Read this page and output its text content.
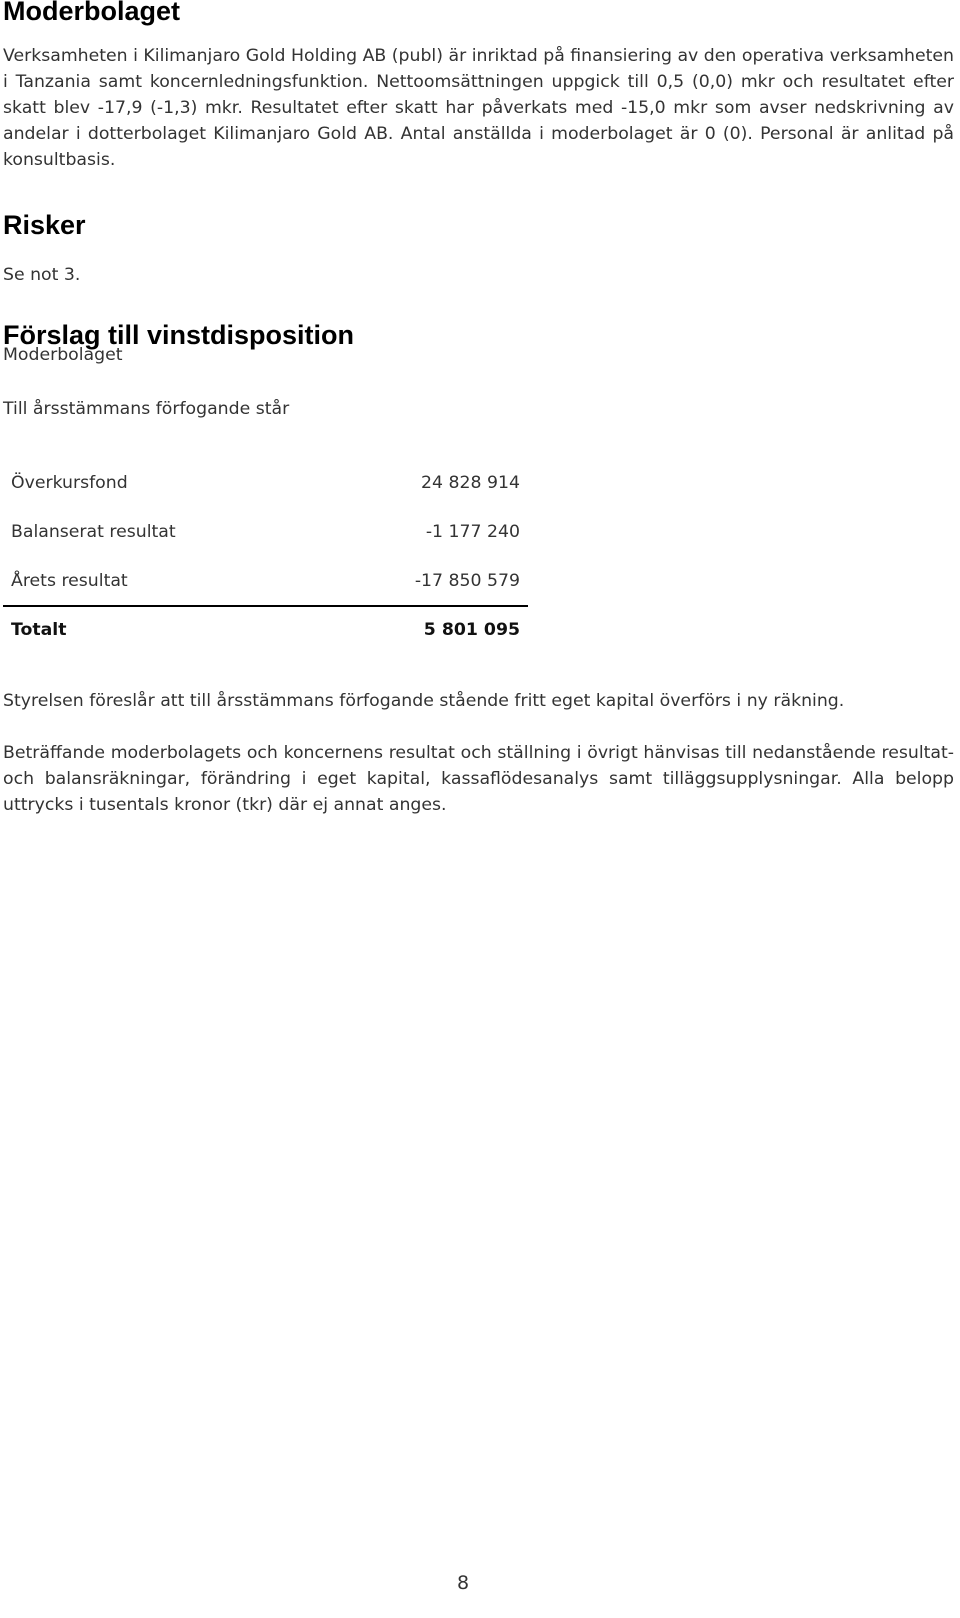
Moderbolaget

Verksamheten i Kilimanjaro Gold Holding AB (publ) är inriktad på finansiering av den operativa verksamheten i Tanzania samt koncernledningsfunktion. Nettoomsättningen uppgick till 0,5 (0,0) mkr och resultatet efter skatt blev -17,9 (-1,3) mkr. Resultatet efter skatt har påverkats med -15,0 mkr som avser nedskrivning av andelar i dotterbolaget Kilimanjaro Gold AB. Antal anställda i moderbolaget är 0 (0). Personal är anlitad på konsultbasis.

Risker

Se not 3.

Förslag till vinstdisposition

Moderbolaget

Till årsstämmans förfogande står

Överkursfond	24 828 914
Balanserat resultat	-1 177 240
Årets resultat	-17 850 579
Totalt	5 801 095

Styrelsen föreslår att till årsstämmans förfogande stående fritt eget kapital överförs i ny räkning.

Beträffande moderbolagets och koncernens resultat och ställning i övrigt hänvisas till nedanstående resultat- och balansräkningar, förändring i eget kapital, kassaflödesanalys samt tilläggsupplysningar. Alla belopp uttrycks i tusentals kronor (tkr) där ej annat anges.

8
